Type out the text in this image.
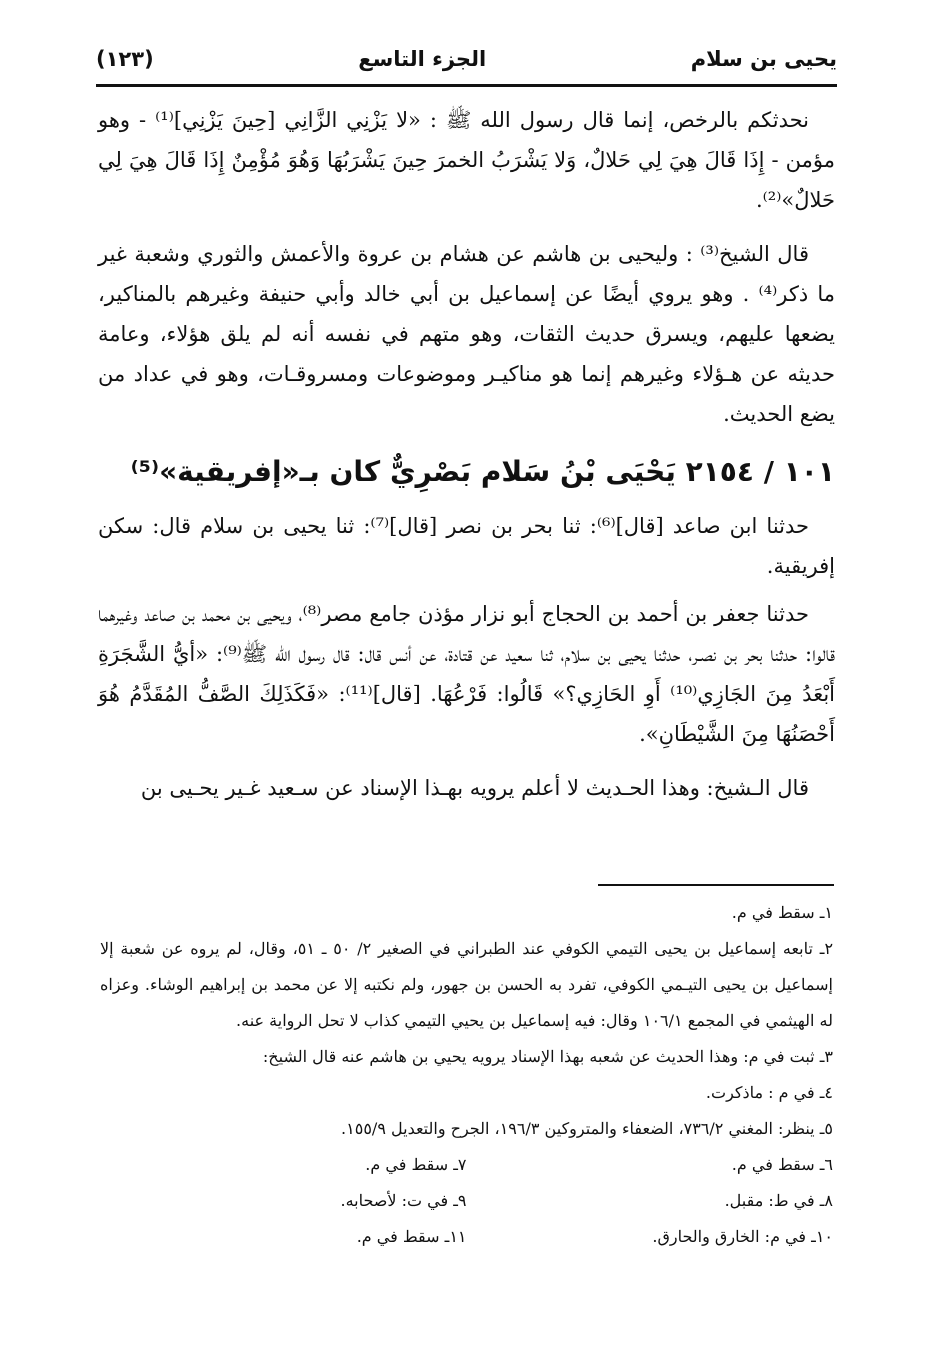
يحيى بن سلام
الجزء التاسع
(١٢٣)

نحدثكم بالرخص، إنما قال رسول الله ﷺ : «لا يَزْنِي الزَّانِي [حِينَ يَزْنِي]⁽¹⁾ - وهو مؤمن - إِذَا قَالَ هِيَ لِي حَلالٌ، وَلا يَشْرَبُ الخمرَ حِينَ يَشْرَبُهَا وَهُوَ مُؤْمِنٌ إِذَا قَالَ هِيَ لِي حَلالٌ»⁽²⁾.

قال الشيخ⁽³⁾ : وليحيى بن هاشم عن هشام بن عروة والأعمش والثوري وشعبة غير ما ذكر⁽⁴⁾ . وهو يروي أيضًا عن إسماعيل بن أبي خالد وأبي حنيفة وغيرهم بالمناكير، يضعها عليهم، ويسرق حديث الثقات، وهو متهم في نفسه أنه لم يلق هؤلاء، وعامة حديثه عن هـؤلاء وغيرهم إنما هو مناكيـر وموضوعات ومسروقـات، وهو في عداد من يضع الحديث.

١٠١ / ٢١٥٤ يَحْيَى بْنُ سَلام بَصْرِيٌّ كان بـ«إفريقية»⁽⁵⁾

حدثنا ابن صاعد [قال]⁽⁶⁾: ثنا بحر بن نصر [قال]⁽⁷⁾: ثنا يحيى بن سلام قال: سكن إفريقية.

حدثنا جعفر بن أحمد بن الحجاج أبو نزار مؤذن جامع مصر⁽⁸⁾، ويحيى بن محمد بن صاعد وغيرهما قالوا: حدثنا بحر بن نصـر، حدثنا يحيى بن سلام، ثنا سعيد عن قتادة، عن أنس قال: قال رسول الله ﷺ⁽⁹⁾: «أيُّ الشَّجَرَةِ أَبْعَدُ مِنَ الجَازِي⁽¹⁰⁾ أَوِ الحَازِي؟» قَالُوا: فَرْعُهَا. [قال]⁽¹¹⁾: «فَكَذَلِكَ الصَّفُّ المُقَدَّمُ هُوَ أَحْصَنُهَا مِنَ الشَّيْطَانِ».

قال الـشيخ: وهذا الحـديث لا أعلم يرويه بهـذا الإسناد عن سـعيد غـير يحـيى بن

١ـ سقط في م.
٢ـ تابعه إسماعيل بن يحيى التيمي الكوفي عند الطبراني في الصغير ٢/ ٥٠ ـ ٥١، وقال، لم يروه عن شعبة إلا إسماعيل بن يحيى التيـمي الكوفي، تفرد به الحسن بن جهور، ولم نكتبه إلا عن محمد بن إبراهيم الوشاء. وعزاه له الهيثمي في المجمع ١٠٦/١ وقال: فيه إسماعيل بن يحيي التيمي كذاب لا تحل الرواية عنه.
٣ـ ثبت في م: وهذا الحديث عن شعبه بهذا الإسناد يرويه يحيي بن هاشم عنه قال الشيخ:
٤ـ في م : ماذكرت.
٥ـ ينظر: المغني ٧٣٦/٢، الضعفاء والمتروكين ١٩٦/٣، الجرح والتعديل ١٥٥/٩.
٦ـ سقط في م.
٧ـ سقط في م.
٨ـ في ط: مقبل.
٩ـ في ت: لأصحابه.
١٠ـ في م: الخارق والحارق.
١١ـ سقط في م.
